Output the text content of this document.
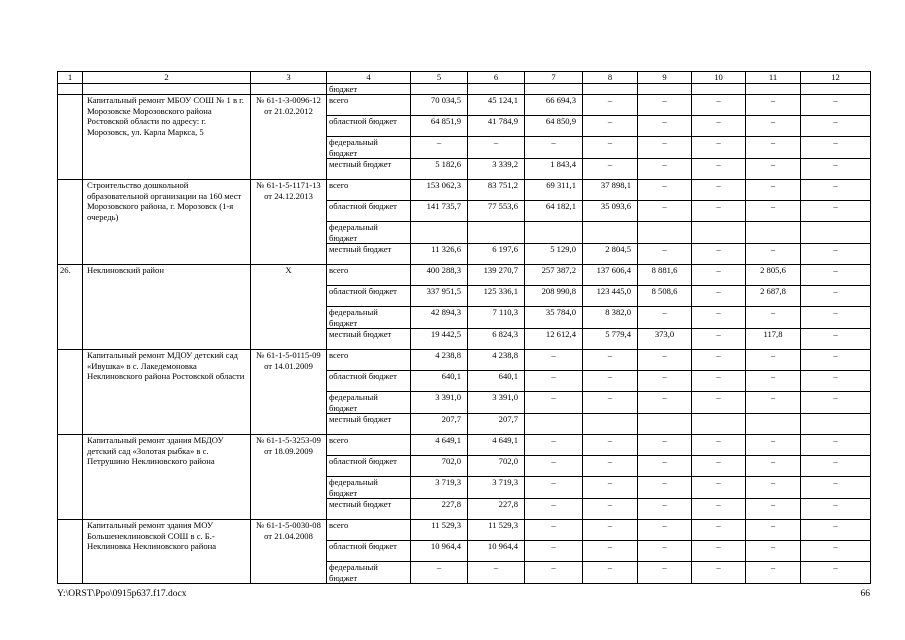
1	2	3	4	5	6	7	8	9	10	11	12
			бюджет								
	Капитальный ремонт МБОУ СОШ № 1 в г. Морозовске Морозовского района Ростовской области по адресу: г. Морозовск, ул. Карла Маркса, 5	№ 61-1-3-0096-12 от 21.02.2012	всего	70 034,5	45 124,1	66 694,3	–	–	–	–	–
			областной бюджет	64 851,9	41 784,9	64 850,9	–	–	–	–	–
			федеральный бюджет	–	–	–	–	–	–	–	–
			местный бюджет	5 182,6	3 339,2	1 843,4	–	–	–	–	–
	Строительство дошкольной образовательной организации на 160 мест Морозовского района, г. Морозовск (1-я очередь)	№ 61-1-5-1171-13 от 24.12.2013	всего	153 062,3	83 751,2	69 311,1	37 898,1	–	–	–	–
			областной бюджет	141 735,7	77 553,6	64 182,1	35 093,6	–	–	–	–
			федеральный бюджет								
			местный бюджет	11 326,6	6 197,6	5 129,0	2 804,5	–	–	–	–
26.	Неклиновский район	Х	всего	400 288,3	139 270,7	257 387,2	137 606,4	8 881,6	–	2 805,6	–
			областной бюджет	337 951,5	125 336,1	208 990,8	123 445,0	8 508,6	–	2 687,8	–
			федеральный бюджет	42 894,3	7 110,3	35 784,0	8 382,0	–	–	–	–
			местный бюджет	19 442,5	6 824,3	12 612,4	5 779,4	373,0	–	117,8	–
	Капитальный ремонт МДОУ детский сад «Ивушка» в с. Лакедемоновка Неклиновского района Ростовской области	№ 61-1-5-0115-09 от 14.01.2009	всего	4 238,8	4 238,8	–	–	–	–	–	–
			областной бюджет	640,1	640,1	–	–	–	–	–	–
			федеральный бюджет	3 391,0	3 391,0	–	–	–	–	–	–
			местный бюджет	207,7	207,7						
	Капитальный ремонт здания МБДОУ детский сад «Золотая рыбка» в с. Петрушино Неклиновского района	№ 61-1-5-3253-09 от 18.09.2009	всего	4 649,1	4 649,1	–	–	–	–	–	–
			областной бюджет	702,0	702,0	–	–	–	–	–	–
			федеральный бюджет	3 719,3	3 719,3	–	–	–	–	–	–
			местный бюджет	227,8	227,8	–	–	–	–	–	–
	Капитальный ремонт здания МОУ Большенеклиновской СОШ в с. Б.-Неклиновка Неклиновского района	№ 61-1-5-0030-08 от 21.04.2008	всего	11 529,3	11 529,3	–	–	–	–	–	–
			областной бюджет	10 964,4	10 964,4	–	–	–	–	–	–
			федеральный бюджет	–	–	–	–	–	–	–	–
Y:\ORST\Ppo\0915p637.f17.docx	66
